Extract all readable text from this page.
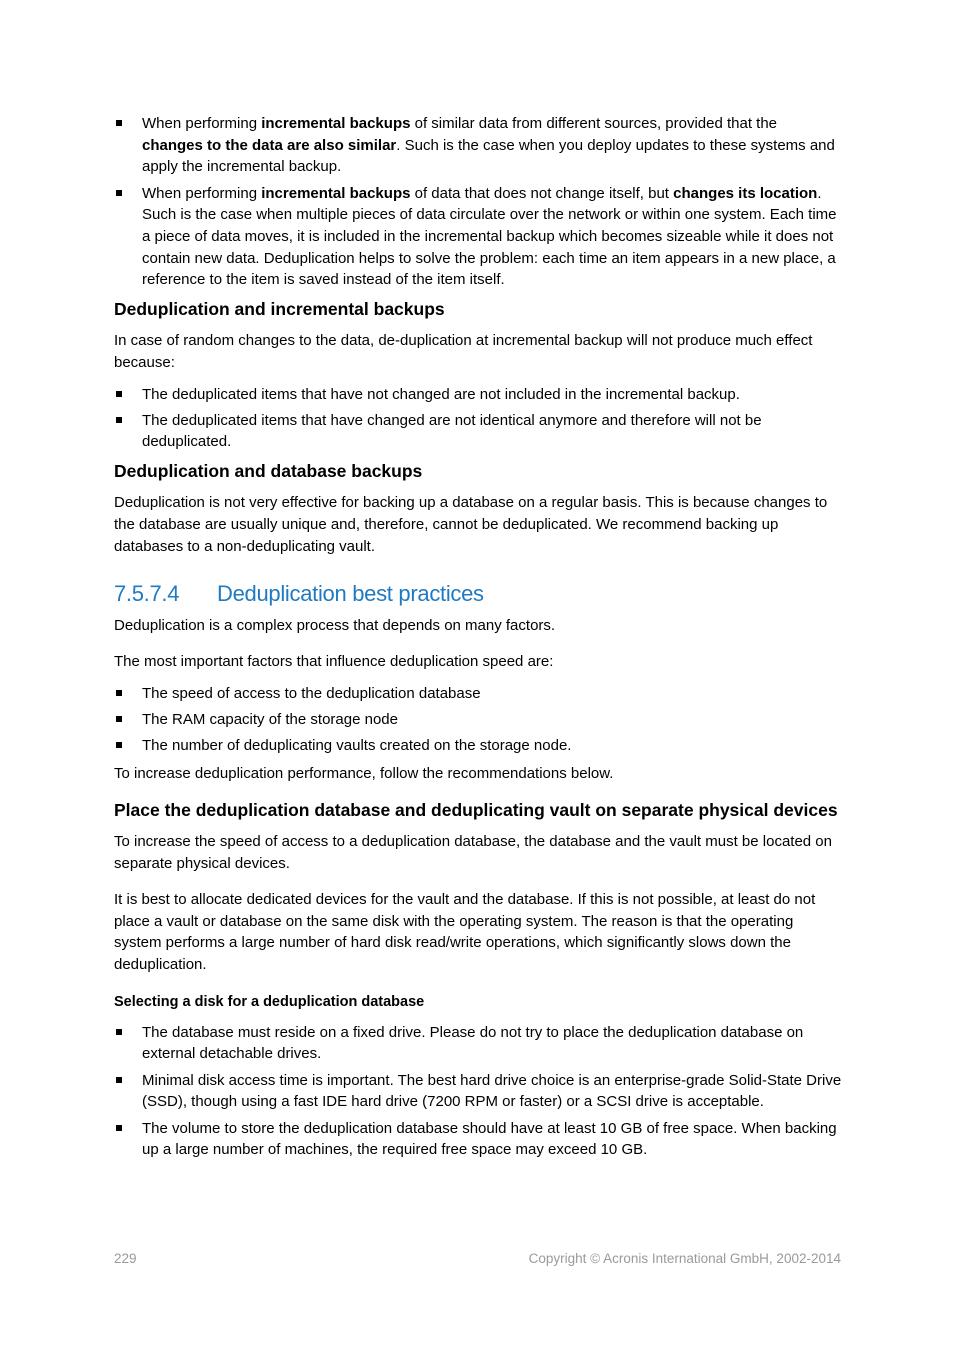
When performing incremental backups of similar data from different sources, provided that the changes to the data are also similar. Such is the case when you deploy updates to these systems and apply the incremental backup.
When performing incremental backups of data that does not change itself, but changes its location. Such is the case when multiple pieces of data circulate over the network or within one system. Each time a piece of data moves, it is included in the incremental backup which becomes sizeable while it does not contain new data. Deduplication helps to solve the problem: each time an item appears in a new place, a reference to the item is saved instead of the item itself.
Deduplication and incremental backups

In case of random changes to the data, de-duplication at incremental backup will not produce much effect because:

The deduplicated items that have not changed are not included in the incremental backup.
The deduplicated items that have changed are not identical anymore and therefore will not be deduplicated.
Deduplication and database backups

Deduplication is not very effective for backing up a database on a regular basis. This is because changes to the database are usually unique and, therefore, cannot be deduplicated. We recommend backing up databases to a non-deduplicating vault.

7.5.7.4 Deduplication best practices

Deduplication is a complex process that depends on many factors.

The most important factors that influence deduplication speed are:

The speed of access to the deduplication database
The RAM capacity of the storage node
The number of deduplicating vaults created on the storage node.

To increase deduplication performance, follow the recommendations below.

Place the deduplication database and deduplicating vault on separate physical devices

To increase the speed of access to a deduplication database, the database and the vault must be located on separate physical devices.

It is best to allocate dedicated devices for the vault and the database. If this is not possible, at least do not place a vault or database on the same disk with the operating system. The reason is that the operating system performs a large number of hard disk read/write operations, which significantly slows down the deduplication.

Selecting a disk for a deduplication database
The database must reside on a fixed drive. Please do not try to place the deduplication database on external detachable drives.
Minimal disk access time is important. The best hard drive choice is an enterprise-grade Solid-State Drive (SSD), though using a fast IDE hard drive (7200 RPM or faster) or a SCSI drive is acceptable.
The volume to store the deduplication database should have at least 10 GB of free space. When backing up a large number of machines, the required free space may exceed 10 GB.
229	Copyright © Acronis International GmbH, 2002-2014
